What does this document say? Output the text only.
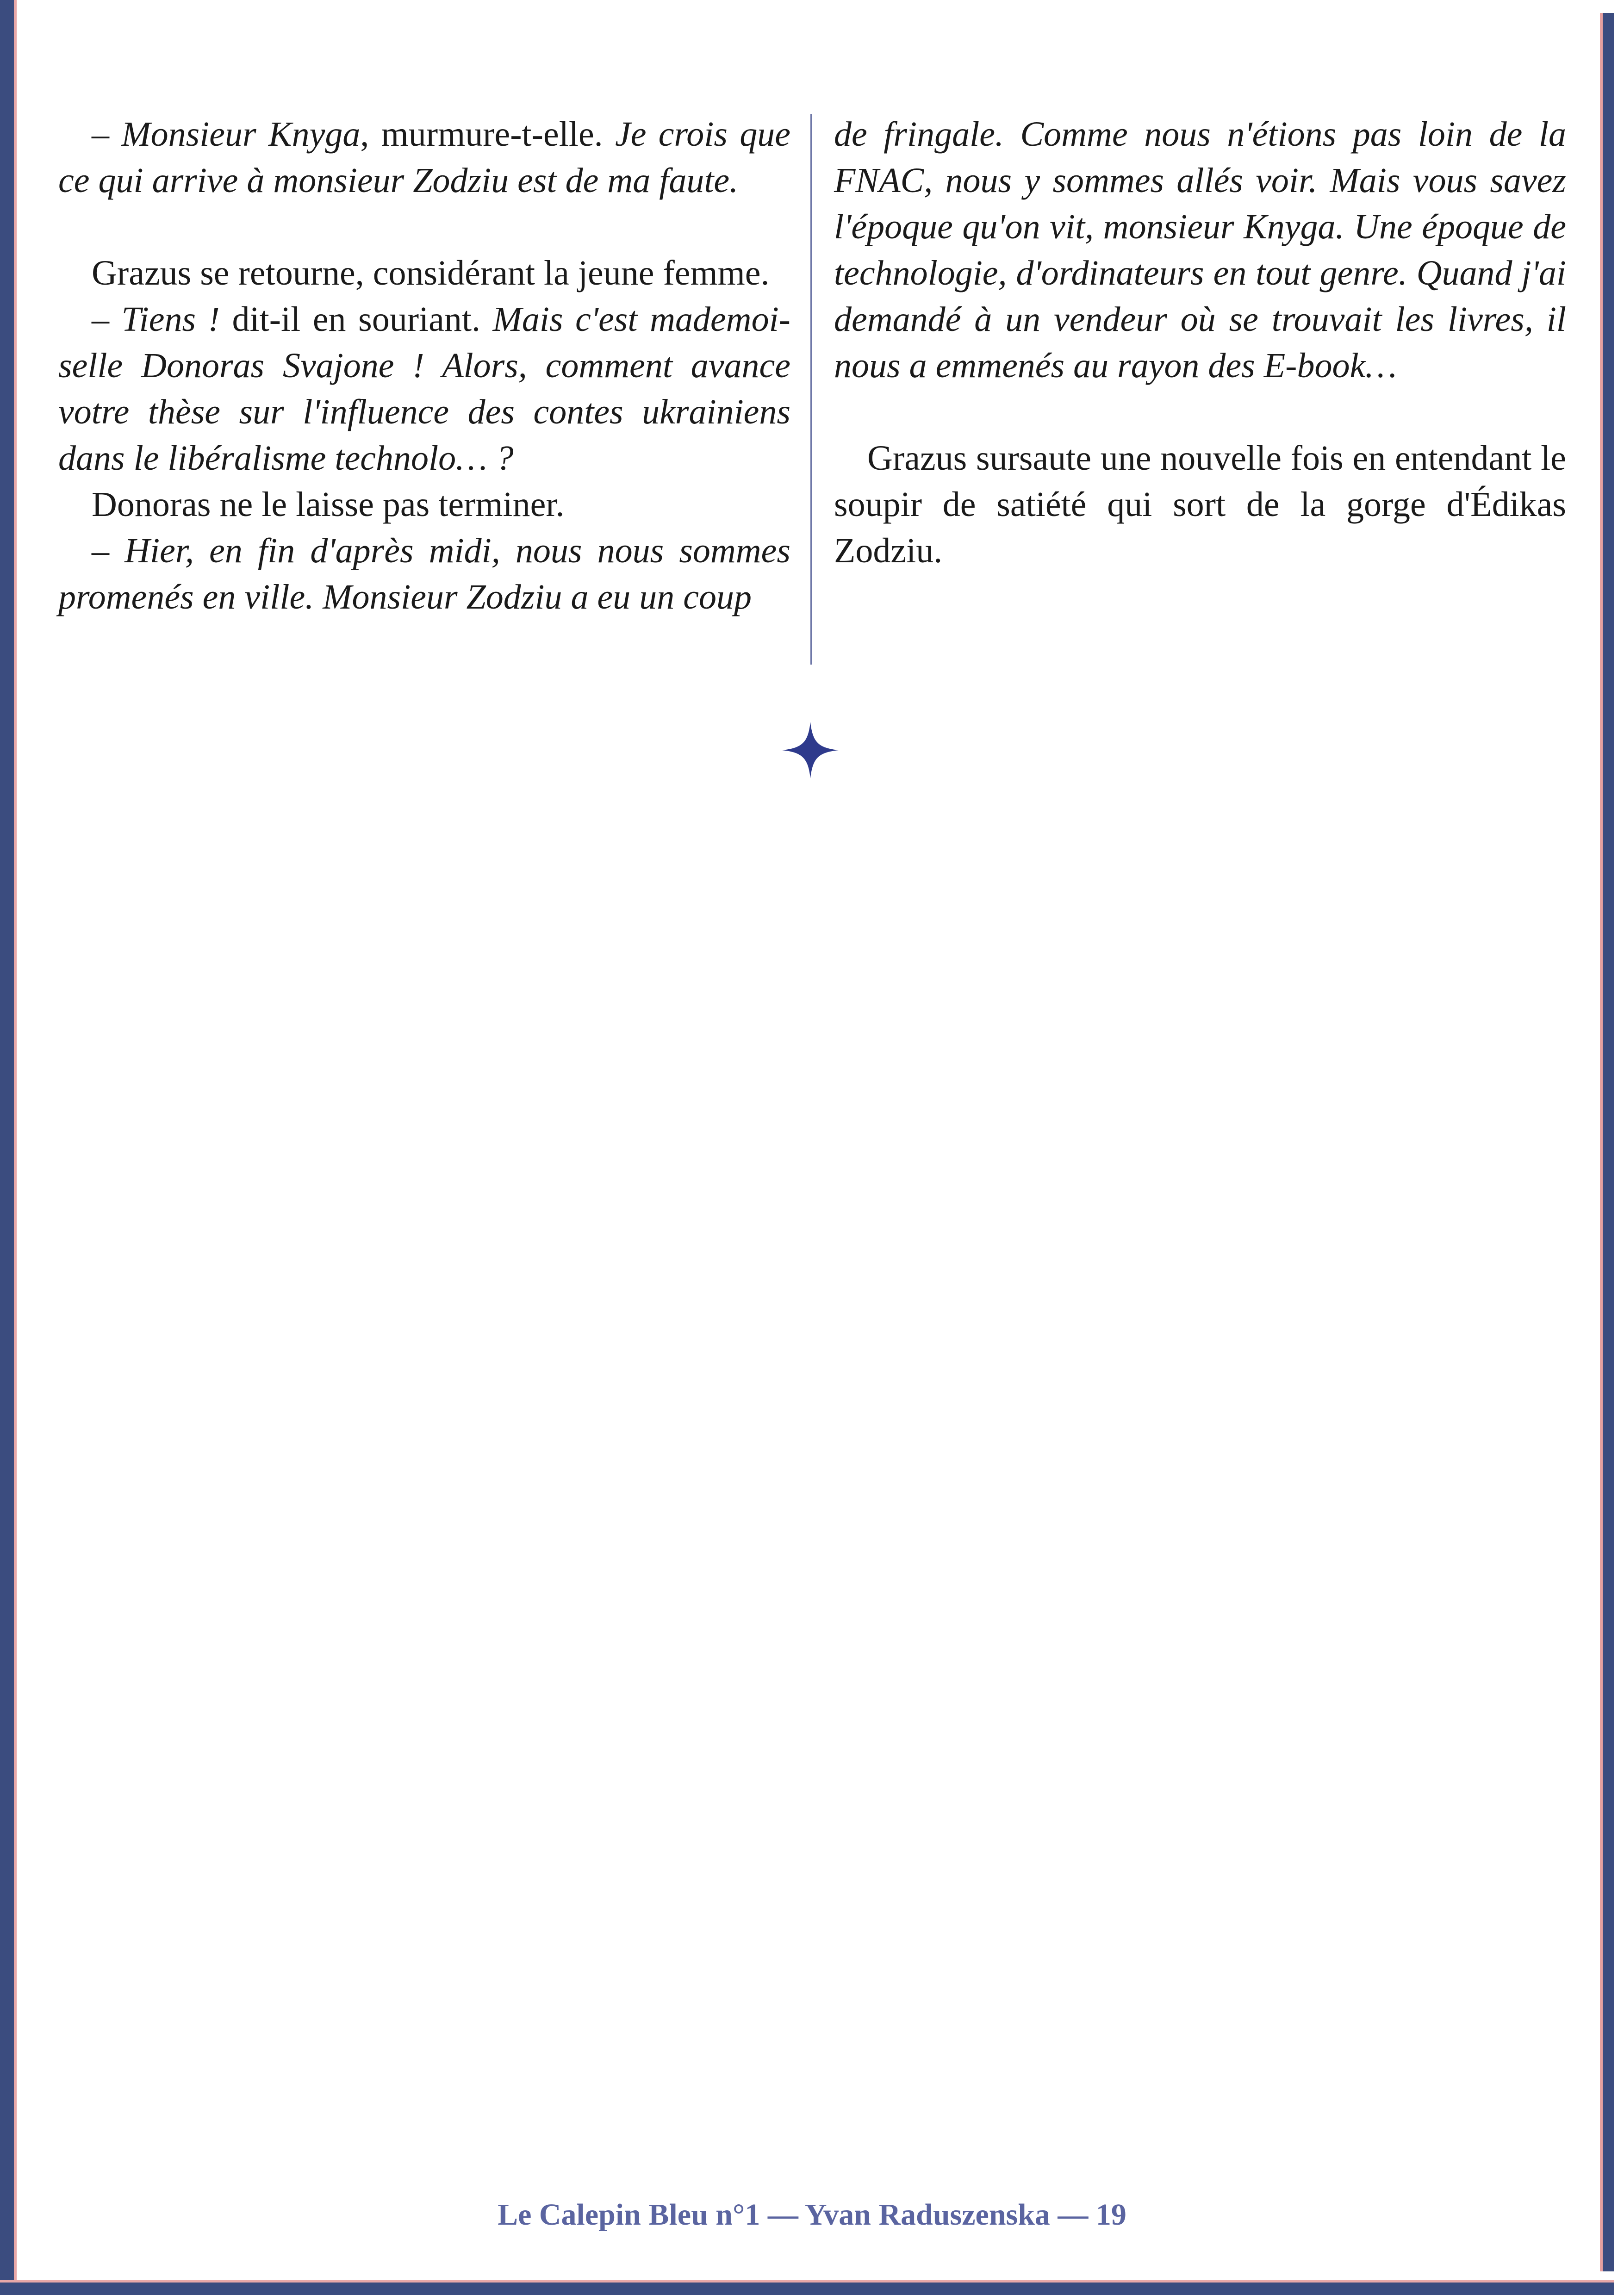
– Monsieur Knyga, murmure-t-elle. Je crois que ce qui arrive à monsieur Zodziu est de ma faute.

Grazus se retourne, considérant la jeune femme.

– Tiens ! dit-il en souriant. Mais c'est mademoi-selle Donoras Svajone ! Alors, comment avance votre thèse sur l'influence des contes ukrainiens dans le libéralisme technolo… ?

Donoras ne le laisse pas terminer.

– Hier, en fin d'après midi, nous nous sommes promenés en ville. Monsieur Zodziu a eu un coup

de fringale. Comme nous n'étions pas loin de la FNAC, nous y sommes allés voir. Mais vous savez l'époque qu'on vit, monsieur Knyga. Une époque de technologie, d'ordinateurs en tout genre. Quand j'ai demandé à un vendeur où se trouvait les livres, il nous a emmenés au rayon des E-book…

Grazus sursaute une nouvelle fois en entendant le soupir de satiété qui sort de la gorge d'Édikas Zodziu.

Le Calepin Bleu n°1 — Yvan Raduszenska — 19
